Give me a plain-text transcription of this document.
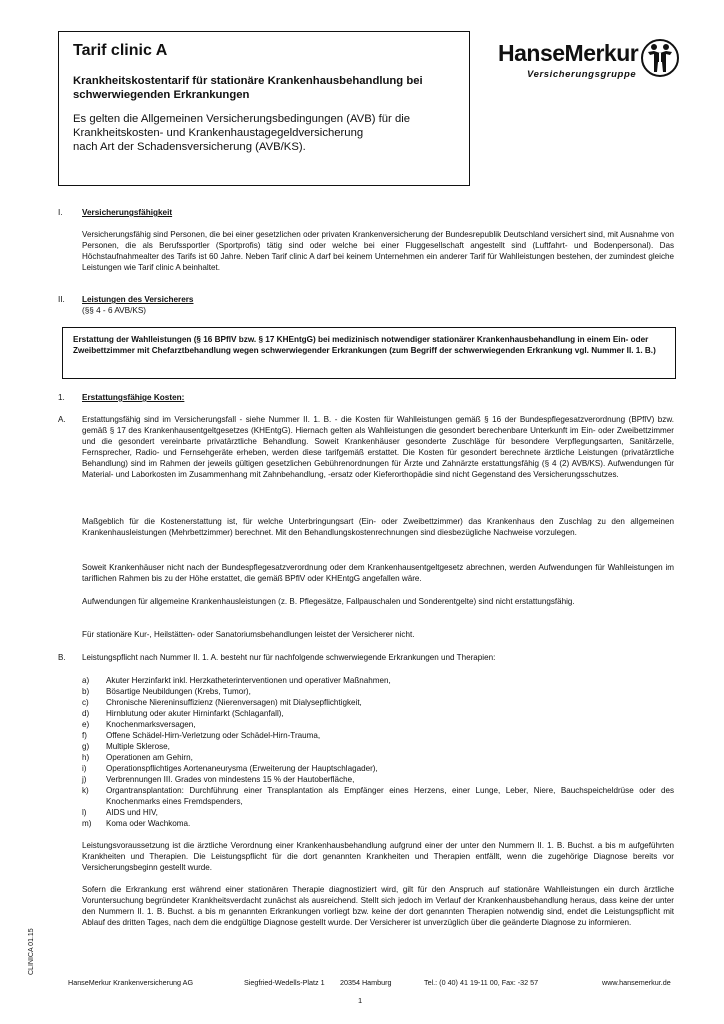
Tarif clinic A
Krankheitskostentarif für stationäre Krankenhausbehandlung bei schwerwiegenden Erkrankungen

Es gelten die Allgemeinen Versicherungsbedingungen (AVB) für die

Krankheitskosten- und Krankenhaustagegeldversicherung

nach Art der Schadensversicherung (AVB/KS).

HanseMerkur
Versicherungsgruppe
I. Versicherungsfähigkeit
Versicherungsfähig sind Personen, die bei einer gesetzlichen oder privaten Krankenversicherung der Bundesrepublik Deutschland versichert sind, mit Ausnahme von Personen, die als Berufssportler (Sportprofis) tätig sind oder welche bei einer Fluggesellschaft angestellt sind (Luftfahrt- und Bodenpersonal). Das Höchstaufnahmealter des Tarifs ist 60 Jahre. Neben Tarif clinic A darf bei keinem Unternehmen ein anderer Tarif für Wahlleistungen bestehen, der zumindest gleiche Leistungen wie Tarif clinic A beinhaltet.
II. Leistungen des Versicherers
(§§ 4 - 6 AVB/KS)
Erstattung der Wahlleistungen (§ 16 BPflV bzw. § 17 KHEntgG) bei medizinisch notwendiger stationärer Krankenhausbehandlung in einem Ein- oder Zweibettzimmer mit Chefarztbehandlung wegen schwerwiegender Erkrankungen (zum Begriff der schwerwiegenden Erkrankung vgl. Nummer II. 1. B.)
1. Erstattungsfähige Kosten:
A. Erstattungsfähig sind im Versicherungsfall - siehe Nummer II. 1. B. - die Kosten für Wahlleistungen gemäß § 16 der Bundespflegesatzverordnung (BPflV) bzw. gemäß § 17 des Krankenhausentgeltgesetzes (KHEntgG). Hiernach gelten als Wahlleistungen die gesondert berechenbare Unterkunft im Ein- oder Zweibettzimmer und die gesondert vereinbarte privatärztliche Behandlung. Soweit Krankenhäuser gesonderte Zuschläge für besondere Verpflegungsarten, Sanitärzelle, Fernsprecher, Radio- und Fernsehgeräte erheben, werden diese tarifgemäß erstattet. Die Kosten für gesondert berechnete ärztliche Leistungen (privatärztliche Behandlung) sind im Rahmen der jeweils gültigen gesetzlichen Gebührenordnungen für Ärzte und Zahnärzte erstattungsfähig (§ 4 (2) AVB/KS). Aufwendungen für Material- und Laborkosten im Zusammenhang mit Zahnbehandlung, -ersatz oder Kieferorthopädie sind nicht Gegenstand des Versicherungsschutzes.
Maßgeblich für die Kostenerstattung ist, für welche Unterbringungsart (Ein- oder Zweibettzimmer) das Krankenhaus den Zuschlag zu den allgemeinen Krankenhausleistungen (Mehrbettzimmer) berechnet. Mit den Behandlungskostenrechnungen sind diesbezügliche Nachweise vorzulegen.
Soweit Krankenhäuser nicht nach der Bundespflegesatzverordnung oder dem Krankenhausentgeltgesetz abrechnen, werden Aufwendungen für Wahlleistungen im tariflichen Rahmen bis zu der Höhe erstattet, die gemäß BPflV oder KHEntgG angefallen wäre.
Aufwendungen für allgemeine Krankenhausleistungen (z. B. Pflegesätze, Fallpauschalen und Sonderentgelte) sind nicht erstattungsfähig.
Für stationäre Kur-, Heilstätten- oder Sanatoriumsbehandlungen leistet der Versicherer nicht.
B. Leistungspflicht nach Nummer II. 1. A. besteht nur für nachfolgende schwerwiegende Erkrankungen und Therapien:
a)	Akuter Herzinfarkt inkl. Herzkatheterinterventionen und operativer Maßnahmen,
b)	Bösartige Neubildungen (Krebs, Tumor),
c)	Chronische Niereninsuffizienz (Nierenversagen) mit Dialysepflichtigkeit,
d)	Hirnblutung oder akuter Hirninfarkt (Schlaganfall),
e)	Knochenmarksversagen,
f)	Offene Schädel-Hirn-Verletzung oder Schädel-Hirn-Trauma,
g)	Multiple Sklerose,
h)	Operationen am Gehirn,
i)	Operationspflichtiges Aortenaneurysma (Erweiterung der Hauptschlagader),
j)	Verbrennungen III. Grades von mindestens 15 % der Hautoberfläche,
k)	Organtransplantation: Durchführung einer Transplantation als Empfänger eines Herzens, einer Lunge, Leber, Niere, Bauchspeicheldrüse oder des Knochenmarks eines Fremdspenders,
l)	AIDS und HIV,
m)	Koma oder Wachkoma.
Leistungsvoraussetzung ist die ärztliche Verordnung einer Krankenhausbehandlung aufgrund einer der unter den Nummern II. 1. B. Buchst. a bis m aufgeführten Krankheiten und Therapien. Die Leistungspflicht für die dort genannten Krankheiten und Therapien entfällt, wenn die zugehörige Diagnose bereits vor Versicherungsbeginn gestellt wurde.
Sofern die Erkrankung erst während einer stationären Therapie diagnostiziert wird, gilt für den Anspruch auf stationäre Wahlleistungen ein durch ärztliche Voruntersuchung begründeter Krankheitsverdacht zunächst als ausreichend. Stellt sich jedoch im Verlauf der Krankenhausbehandlung heraus, dass keine der unter den Nummern II. 1. B. Buchst. a bis m genannten Erkrankungen vorliegt bzw. keine der dort genannten Therapien notwendig sind, endet die Leistungspflicht mit Ablauf des dritten Tages, nach dem die endgültige Diagnose gestellt wurde. Der Versicherer ist unverzüglich über die geänderte Diagnose zu informieren.
CLINICA 01.15
HanseMerkur Krankenversicherung AG	Siegfried-Wedells-Platz 1 20354 Hamburg	Tel.: (0 40) 41 19-11 00, Fax: -32 57	www.hansemerkur.de
1
